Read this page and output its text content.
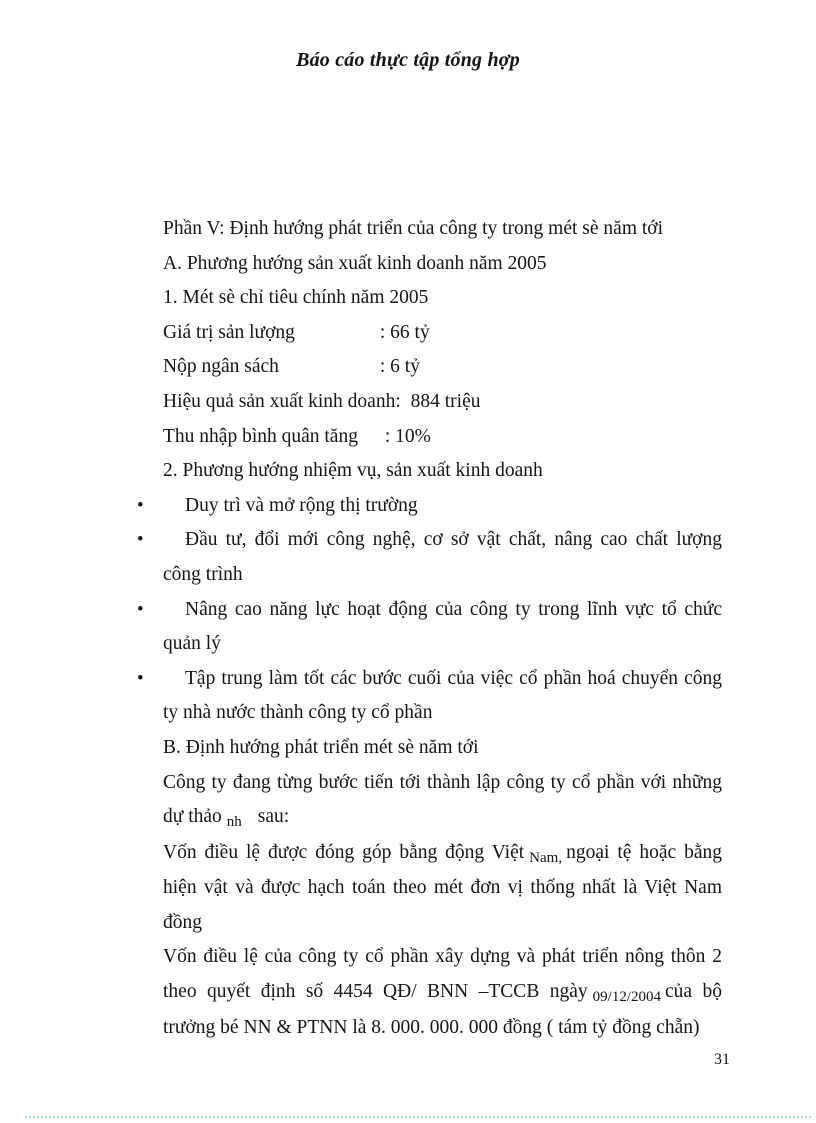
Báo cáo thực tập tổng hợp

Phần V: Định hướng phát triển của công ty trong mét sè năm tới

A. Phương hướng sản xuất kinh doanh năm 2005

1. Mét sè chỉ tiêu chính năm 2005

Giá trị sản lượng	: 66 tỷ

Nộp ngân sách	: 6 tỷ

Hiệu quả sản xuất kinh doanh: 884 triệu

Thu nhập bình quân tăng : 10%

2. Phương hướng nhiệm vụ, sản xuất kinh doanh

• Duy trì và mở rộng thị trường

• Đầu tư, đổi mới công nghệ, cơ sở vật chất, nâng cao chất lượng công trình

• Nâng cao năng lực hoạt động của công ty trong lĩnh vực tổ chức quản lý

• Tập trung làm tốt các bước cuối của việc cổ phần hoá chuyển công ty nhà nước thành công ty cổ phần

B. Định hướng phát triển mét sè năm tới

Công ty đang từng bước tiến tới thành lập công ty cổ phần với những dự thảo $_{nh}$ sau:

Vốn điều lệ được đóng góp bằng động Việt $_{Nam,}$ ngoại tệ hoặc bằng hiện vật và được hạch toán theo mét đơn vị thống nhất là Việt Nam đồng

Vốn điều lệ của công ty cổ phần xây dựng và phát triển nông thôn 2 theo quyết định số 4454 QĐ/ BNN –TCCB ngày $_{09/12/2004}$ của bộ trưởng bé NN & PTNN là 8. 000. 000. 000 đồng ( tám tỷ đồng chẵn)

31
